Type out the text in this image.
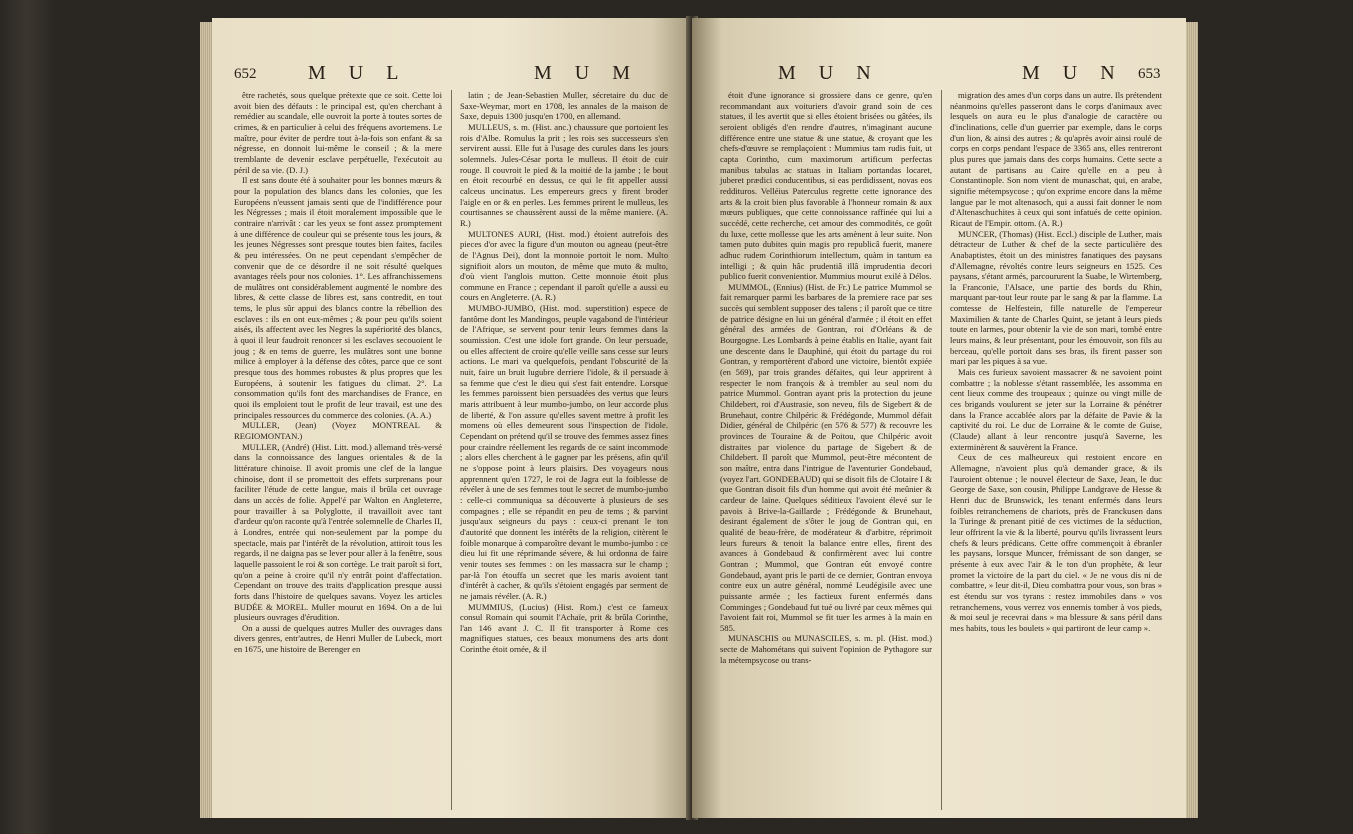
652	M U L	M U M

être rachetés, sous quelque prétexte que ce soit. Cette loi avoit bien des défauts : le principal est, qu'en cherchant à remédier au scandale, elle ouvroit la porte à toutes sortes de crimes, & en particulier à celui des fréquens avortemens. Le maître, pour éviter de perdre tout à-la-fois son enfant & sa négresse, en donnoit lui-même le conseil ; & la mere tremblante de devenir esclave perpétuelle, l'exécutoit au péril de sa vie. (D. J.)

Il est sans doute été à souhaiter pour les bonnes mœurs & pour la population des blancs dans les colonies, que les Européens n'eussent jamais senti que de l'indifférence pour les Négresses ; mais il étoit moralement impossible que le contraire n'arrivât : car les yeux se font assez promptement à une différence de couleur qui se présente tous les jours, & les jeunes Négresses sont presque toutes bien faites, faciles & peu intéressées. On ne peut cependant s'empêcher de convenir que de ce désordre il ne soit résulté quelques avantages réels pour nos colonies. 1°. Les affranchissemens de mulâtres ont considérablement augmenté le nombre des libres, & cette classe de libres est, sans contredit, en tout tems, le plus sûr appui des blancs contre la rébellion des esclaves : ils en ont eux-mêmes ; & pour peu qu'ils soient aisés, ils affectent avec les Negres la supériorité des blancs, à quoi il leur faudroit renoncer si les esclaves secouoient le joug ; & en tems de guerre, les mulâtres sont une bonne milice à employer à la défense des côtes, parce que ce sont presque tous des hommes robustes & plus propres que les Européens, à soutenir les fatigues du climat. 2°. La consommation qu'ils font des marchandises de France, en quoi ils emploient tout le profit de leur travail, est une des principales ressources du commerce des colonies. (A. A.)

MULLER, (Jean) (Voyez MONTREAL & REGIOMONTAN.)

MULLER, (André) (Hist. Litt. mod.) allemand très-versé dans la connoissance des langues orientales & de la littérature chinoise. Il avoit promis une clef de la langue chinoise, dont il se promettoit des effets surprenans pour faciliter l'étude de cette langue, mais il brûla cet ouvrage dans un accès de folie. Appel'é par Walton en Angleterre, pour travailler à sa Polyglotte, il travailloit avec tant d'ardeur qu'on raconte qu'à l'entrée solemnelle de Charles II, à Londres, entrée qui non-seulement par la pompe du spectacle, mais par l'intérêt de la révolution, attiroit tous les regards, il ne daigna pas se lever pour aller à la fenêtre, sous laquelle passoient le roi & son cortège. Le trait paroît si fort, qu'on a peine à croire qu'il n'y entrât point d'affectation. Cependant on trouve des traits d'application presque aussi forts dans l'histoire de quelques savans. Voyez les articles BUDÉE & MOREL. Muller mourut en 1694. On a de lui plusieurs ouvrages d'érudition.

On a aussi de quelques autres Muller des ouvrages dans divers genres, entr'autres, de Henri Muller de Lubeck, mort en 1675, une histoire de Berenger en

latin ; de Jean-Sebastien Muller, sécretaire du duc de Saxe-Weymar, mort en 1708, les annales de la maison de Saxe, depuis 1300 jusqu'en 1700, en allemand.

MULLEUS, s. m. (Hist. anc.) chaussure que portoient les rois d'Albe. Romulus la prit ; les rois ses successeurs s'en servirent aussi. Elle fut à l'usage des curules dans les jours solemnels. Jules-César porta le mulleus. Il étoit de cuir rouge. Il couvroit le pied & la moitié de la jambe ; le bout en étoit recourbé en dessus, ce qui le fit appeller aussi calceus uncinatus. Les empereurs grecs y firent broder l'aigle en or & en perles. Les femmes prirent le mulleus, les courtisannes se chaussèrent aussi de la même maniere. (A. R.)

MULTONES AURI, (Hist. mod.) étoient autrefois des pieces d'or avec la figure d'un mouton ou agneau (peut-être de l'Agnus Dei), dont la monnoie portoit le nom. Multo signifioit alors un mouton, de même que muto & multo, d'où vient l'anglois mutton. Cette monnoie étoit plus commune en France ; cependant il paroît qu'elle a aussi eu cours en Angleterre. (A. R.)

MUMBO-JUMBO, (Hist. mod. superstition) espece de fantôme dont les Mandingos, peuple vagabond de l'intérieur de l'Afrique, se servent pour tenir leurs femmes dans la soumission. C'est une idole fort grande. On leur persuade, ou elles affectent de croire qu'elle veille sans cesse sur leurs actions. Le mari va quelquefois, pendant l'obscurité de la nuit, faire un bruit lugubre derriere l'idole, & il persuade à sa femme que c'est le dieu qui s'est fait entendre. Lorsque les femmes paroissent bien persuadées des vertus que leurs maris attribuent à leur mumbo-jumbo, on leur accorde plus de liberté, & l'on assure qu'elles savent mettre à profit les momens où elles demeurent sous l'inspection de l'idole. Cependant on prétend qu'il se trouve des femmes assez fines pour craindre réellement les regards de ce saint incommode ; alors elles cherchent à le gagner par les présens, afin qu'il ne s'oppose point à leurs plaisirs. Des voyageurs nous apprennent qu'en 1727, le roi de Jagra eut la foiblesse de révéler à une de ses femmes tout le secret de mumbo-jumbo : celle-ci communiqua sa découverte à plusieurs de ses compagnes ; elle se répandit en peu de tems ; & parvint jusqu'aux seigneurs du pays : ceux-ci prenant le ton d'autorité que donnent les intérêts de la religion, citèrent le foible monarque à comparoître devant le mumbo-jumbo : ce dieu lui fit une réprimande sévere, & lui ordonna de faire venir toutes ses femmes : on les massacra sur le champ ; par-là l'on étouffa un secret que les maris avoient tant d'intérêt à cacher, & qu'ils s'étoient engagés par serment de ne jamais révéler. (A. R.)

MUMMIUS, (Lucius) (Hist. Rom.) c'est ce fameux consul Romain qui soumit l'Achaïe, prit & brûla Corinthe, l'an 146 avant J. C. Il fit transporter à Rome ces magnifiques statues, ces beaux monumens des arts dont Corinthe étoit ornée, & il

M U N	M U N 653

étoit d'une ignorance si grossiere dans ce genre, qu'en recommandant aux voituriers d'avoir grand soin de ces statues, il les avertit que si elles étoient brisées ou gâtées, ils seroient obligés d'en rendre d'autres, n'imaginant aucune différence entre une statue & une statue, & croyant que les chefs-d'œuvre se remplaçoient : Mummius tam rudis fuit, ut capta Corintho, cum maximorum artificum perfectas manibus tabulas ac statuas in Italiam portandas locaret, juberet prædici conducentibus, si eas perdidissent, novas eos reddituros. Velléius Paterculus regrette cette ignorance des arts & la croit bien plus favorable à l'honneur romain & aux mœurs publiques, que cette connoissance raffinée qui lui a succédé, cette recherche, cet amour des commodités, ce goût du luxe, cette mollesse que les arts amènent à leur suite. Non tamen puto dubites quin magis pro republicâ fuerit, manere adhuc rudem Corinthiorum intellectum, quàm in tantum ea intelligi ; & quin hâc prudentiâ illâ imprudentia decori publico fuerit convenientior. Mummius mourut exilé à Délos.

MUMMOL, (Ennius) (Hist. de Fr.) Le patrice Mummol se fait remarquer parmi les barbares de la premiere race par ses succès qui semblent supposer des talens ; il paroît que ce titre de patrice désigne en lui un général d'armée ; il étoit en effet général des armées de Gontran, roi d'Orléans & de Bourgogne. Les Lombards à peine établis en Italie, ayant fait une descente dans le Dauphiné, qui étoit du partage du roi Gontran, y remportèrent d'abord une victoire, bientôt expiée (en 569), par trois grandes défaites, qui leur apprirent à respecter le nom françois & à trembler au seul nom du patrice Mummol. Gontran ayant pris la protection du jeune Childebert, roi d'Austrasie, son neveu, fils de Sigebert & de Brunehaut, contre Chilpéric & Frédégonde, Mummol défait Didier, général de Chilpéric (en 576 & 577) & recouvre les provinces de Touraine & de Poitou, que Chilpéric avoit distraites par violence du partage de Sigebert & de Childebert. Il paroît que Mummol, peut-être mécontent de son maître, entra dans l'intrigue de l'aventurier Gondebaud, (voyez l'art. GONDEBAUD) qui se disoit fils de Clotaire I & que Gontran disoit fils d'un homme qui avoit été meûnier & cardeur de laine. Quelques séditieux l'avoient élevé sur le pavois à Brive-la-Gaillarde ; Frédégonde & Brunehaut, desirant également de s'ôter le joug de Gontran qui, en qualité de beau-frère, de modérateur & d'arbitre, réprimoit leurs fureurs & tenoit la balance entre elles, firent des avances à Gondebaud & confirmèrent avec lui contre Gontran ; Mummol, que Gontran eût envoyé contre Gondebaud, ayant pris le parti de ce dernier, Gontran envoya contre eux un autre général, nommé Leudégisile avec une puissante armée ; les factieux furent enfermés dans Comminges ; Gondebaud fut tué ou livré par ceux mêmes qui l'avoient fait roi, Mummol se fit tuer les armes à la main en 585.

MUNASCHIS ou MUNASCILES, s. m. pl. (Hist. mod.) secte de Mahométans qui suivent l'opinion de Pythagore sur la métempsycose ou trans-

migration des ames d'un corps dans un autre. Ils prétendent néanmoins qu'elles passeront dans le corps d'animaux avec lesquels on aura eu le plus d'analogie de caractère ou d'inclinations, celle d'un guerrier par exemple, dans le corps d'un lion, & ainsi des autres ; & qu'après avoir ainsi roulé de corps en corps pendant l'espace de 3365 ans, elles rentreront plus pures que jamais dans des corps humains. Cette secte a autant de partisans au Caire qu'elle en a peu à Constantinople. Son nom vient de munaschat, qui, en arabe, signifie métempsycose ; qu'on exprime encore dans la même langue par le mot altenasoch, qui a aussi fait donner le nom d'Altenaschuchites à ceux qui sont infatués de cette opinion. Ricaut de l'Empir. ottom. (A. R.)

MUNCER, (Thomas) (Hist. Eccl.) disciple de Luther, mais détracteur de Luther & chef de la secte particulière des Anabaptistes, étoit un des ministres fanatiques des paysans d'Allemagne, révoltés contre leurs seigneurs en 1525. Ces paysans, s'étant armés, parcoururent la Suabe, le Wirtemberg, la Franconie, l'Alsace, une partie des bords du Rhin, marquant par-tout leur route par le sang & par la flamme. La comtesse de Helfestein, fille naturelle de l'empereur Maximilien & tante de Charles Quint, se jetant à leurs pieds toute en larmes, pour obtenir la vie de son mari, tombé entre leurs mains, & leur présentant, pour les émouvoir, son fils au berceau, qu'elle portoit dans ses bras, ils firent passer son mari par les piques à sa vue.

Mais ces furieux savoient massacrer & ne savoient point combattre ; la noblesse s'étant rassemblée, les assomma en cent lieux comme des troupeaux ; quinze ou vingt mille de ces brigands voulurent se jeter sur la Lorraine & pénétrer dans la France accablée alors par la défaite de Pavie & la captivité du roi. Le duc de Lorraine & le comte de Guise, (Claude) allant à leur rencontre jusqu'à Saverne, les exterminèrent & sauvèrent la France.

Ceux de ces malheureux qui restoient encore en Allemagne, n'avoient plus qu'à demander grace, & ils l'auroient obtenue ; le nouvel électeur de Saxe, Jean, le duc George de Saxe, son cousin, Philippe Landgrave de Hesse & Henri duc de Brunswick, les tenant enfermés dans leurs foibles retranchemens de chariots, près de Franckusen dans la Turinge & prenant pitié de ces victimes de la séduction, leur offrirent la vie & la liberté, pourvu qu'ils livrassent leurs chefs & leurs prédicans. Cette offre commençoit à ébranler les paysans, lorsque Muncer, frémissant de son danger, se présente à eux avec l'air & le ton d'un prophète, & leur promet la victoire de la part du ciel. « Je ne vous dis ni de combattre, » leur dit-il, Dieu combattra pour vous, son bras » est étendu sur vos tyrans : restez immobiles dans » vos retranchemens, vous verrez vos ennemis tomber à vos pieds, & moi seul je recevrai dans » ma blessure & sans péril dans mes habits, tous les boulets » qui partiront de leur camp ».
